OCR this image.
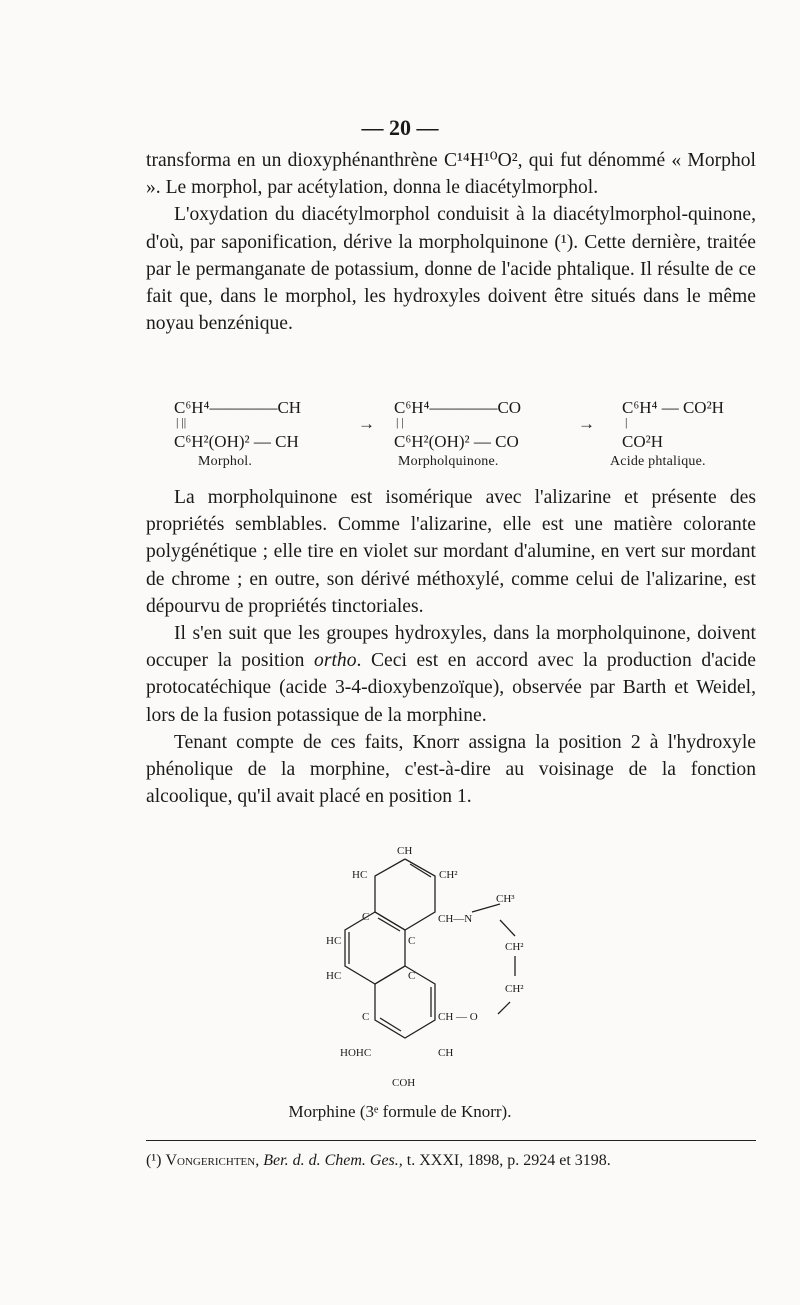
— 20 —

transforma en un dioxyphénanthrène C¹⁴H¹⁰O², qui fut dénommé « Morphol ». Le morphol, par acétylation, donna le diacétylmorphol.

L'oxydation du diacétylmorphol conduisit à la diacétylmorphol-quinone, d'où, par saponification, dérive la morpholquinone (¹). Cette dernière, traitée par le permanganate de potassium, donne de l'acide phtalique. Il résulte de ce fait que, dans le morphol, les hydroxyles doivent être situés dans le même noyau benzénique.

C⁶H⁴————CH
| ||
C⁶H²(OH)² — CH
Morphol.
→
C⁶H⁴————CO
| |
C⁶H²(OH)² — CO
Morpholquinone.
→
C⁶H⁴ — CO²H
|
CO²H
Acide phtalique.

La morpholquinone est isomérique avec l'alizarine et présente des propriétés semblables. Comme l'alizarine, elle est une matière colorante polygénétique ; elle tire en violet sur mordant d'alumine, en vert sur mordant de chrome ; en outre, son dérivé méthoxylé, comme celui de l'alizarine, est dépourvu de propriétés tinctoriales.

Il s'en suit que les groupes hydroxyles, dans la morpholquinone, doivent occuper la position ortho. Ceci est en accord avec la production d'acide protocatéchique (acide 3-4-dioxybenzoïque), observée par Barth et Weidel, lors de la fusion potassique de la morphine.

Tenant compte de ces faits, Knorr assigna la position 2 à l'hydroxyle phénolique de la morphine, c'est-à-dire au voisinage de la fonction alcoolique, qu'il avait placé en position 1.

CH
HC	CH²
CH³
C	CH—N
HC	C	CH²
HC	C
CH²
C	CH — O
HOHC	CH
COH
Morphine (3ᵉ formule de Knorr).
(¹) Vongerichten, Ber. d. d. Chem. Ges., t. XXXI, 1898, p. 2924 et 3198.
